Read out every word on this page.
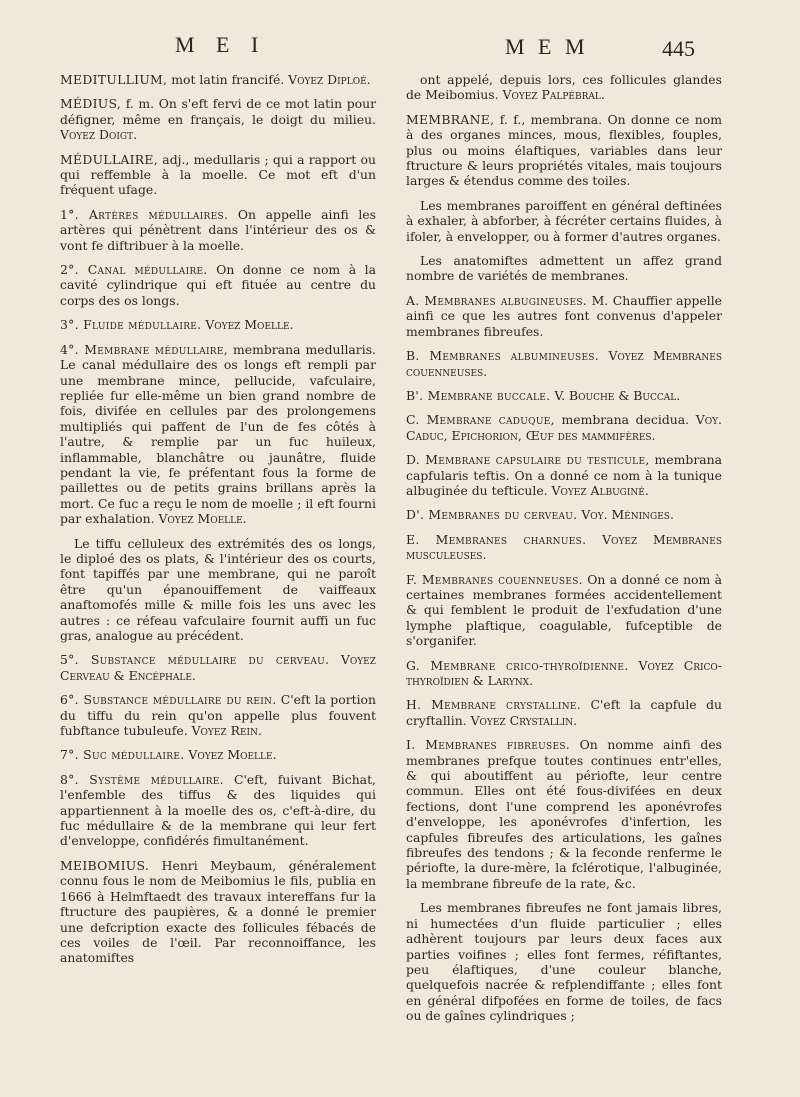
M E I	M E M	445

MEDITULLIUM, mot latin francifé. Voyez Diploé.

MÉDIUS, f. m. On s'eft fervi de ce mot latin pour défigner, même en français, le doigt du milieu. Voyez Doigt.

MÉDULLAIRE, adj., medullaris ; qui a rapport ou qui reffemble à la moelle. Ce mot eft d'un fréquent ufage.

1°. Artères médullaires. On appelle ainfi les artères qui pénètrent dans l'intérieur des os & vont fe diftribuer à la moelle.

2°. Canal médullaire. On donne ce nom à la cavité cylindrique qui eft fituée au centre du corps des os longs.

3°. Fluide médullaire. Voyez Moelle.

4°. Membrane médullaire, membrana medullaris. Le canal médullaire des os longs eft rempli par une membrane mince, pellucide, vafculaire, repliée fur elle-même un bien grand nombre de fois, divifée en cellules par des prolongemens multipliés qui paffent de l'un de fes côtés à l'autre, & remplie par un fuc huileux, inflammable, blanchâtre ou jaunâtre, fluide pendant la vie, fe préfentant fous la forme de paillettes ou de petits grains brillans après la mort. Ce fuc a reçu le nom de moelle ; il eft fourni par exhalation. Voyez Moelle.

Le tiffu celluleux des extrémités des os longs, le diploé des os plats, & l'intérieur des os courts, font tapiffés par une membrane, qui ne paroît être qu'un épanouiffement de vaiffeaux anaftomofés mille & mille fois les uns avec les autres : ce réfeau vafculaire fournit auffi un fuc gras, analogue au précédent.

5°. Substance médullaire du cerveau. Voyez Cerveau & Encéphale.

6°. Substance médullaire du rein. C'eft la portion du tiffu du rein qu'on appelle plus fouvent fubftance tubuleufe. Voyez Rein.

7°. Suc médullaire. Voyez Moelle.

8°. Système médullaire. C'eft, fuivant Bichat, l'enfemble des tiffus & des liquides qui appartiennent à la moelle des os, c'eft-à-dire, du fuc médullaire & de la membrane qui leur fert d'enveloppe, confidérés fimultanément.

MEIBOMIUS. Henri Meybaum, généralement connu fous le nom de Meibomius le fils, publia en 1666 à Helmftaedt des travaux intereffans fur la ftructure des paupières, & a donné le premier une defcription exacte des follicules fébacés de ces voiles de l'œil. Par reconnoiffance, les anatomiftes

ont appelé, depuis lors, ces follicules glandes de Meibomius. Voyez Palpébral.

MEMBRANE, f. f., membrana. On donne ce nom à des organes minces, mous, flexibles, fouples, plus ou moins élaftiques, variables dans leur ftructure & leurs propriétés vitales, mais toujours larges & étendus comme des toiles.

Les membranes paroiffent en général deftinées à exhaler, à abforber, à fécréter certains fluides, à ifoler, à envelopper, ou à former d'autres organes.

Les anatomiftes admettent un affez grand nombre de variétés de membranes.

A. Membranes albugineuses. M. Chauffier appelle ainfi ce que les autres font convenus d'appeler membranes fibreufes.

B. Membranes albumineuses. Voyez Membranes couenneuses.

B'. Membrane buccale. V. Bouche & Buccal.

C. Membrane caduque, membrana decidua. Voy. Caduc, Epichorion, Œuf des mammifères.

D. Membrane capsulaire du testicule, membrana capfularis teftis. On a donné ce nom à la tunique albuginée du tefticule. Voyez Albuginé.

D'. Membranes du cerveau. Voy. Méninges.

E. Membranes charnues. Voyez Membranes musculeuses.

F. Membranes couenneuses. On a donné ce nom à certaines membranes formées accidentellement & qui femblent le produit de l'exfudation d'une lymphe plaftique, coagulable, fufceptible de s'organifer.

G. Membrane crico-thyroïdienne. Voyez Crico-thyroïdien & Larynx.

H. Membrane crystalline. C'eft la capfule du cryftallin. Voyez Crystallin.

I. Membranes fibreuses. On nomme ainfi des membranes prefque toutes continues entr'elles, & qui aboutiffent au périofte, leur centre commun. Elles ont été fous-divifées en deux fections, dont l'une comprend les aponévrofes d'enveloppe, les aponévrofes d'infertion, les capfules fibreufes des articulations, les gaînes fibreufes des tendons ; & la feconde renferme le périofte, la dure-mère, la fclérotique, l'albuginée, la membrane fibreufe de la rate, &c.

Les membranes fibreufes ne font jamais libres, ni humectées d'un fluide particulier ; elles adhèrent toujours par leurs deux faces aux parties voifines ; elles font fermes, réfiftantes, peu élaftiques, d'une couleur blanche, quelquefois nacrée & refplendiffante ; elles font en général difpofées en forme de toiles, de facs ou de gaînes cylindriques ;
